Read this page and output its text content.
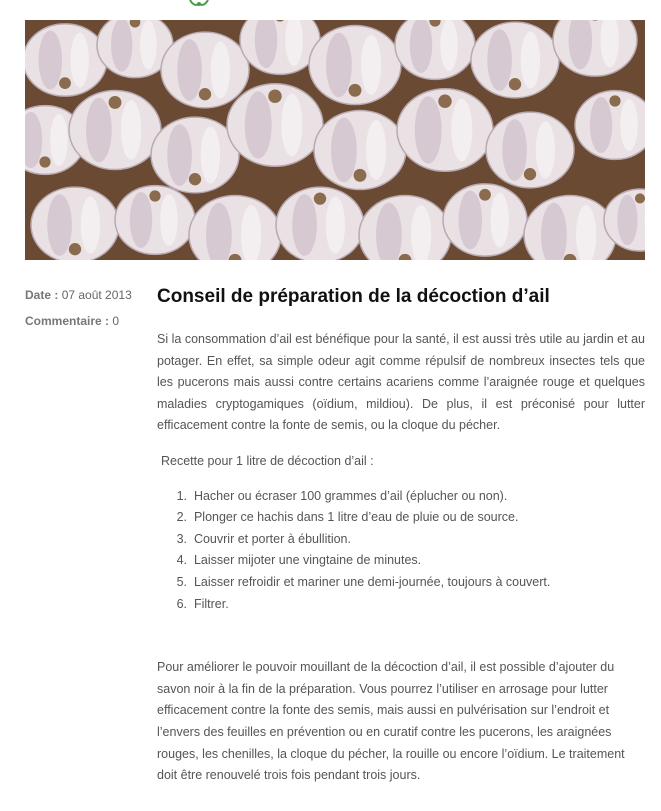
Date : 07 août 2013
Commentaire : 0
Conseil de préparation de la décoction d’ail

Si la consommation d’ail est bénéfique pour la santé, il est aussi très utile au jardin et au potager. En effet, sa simple odeur agit comme répulsif de nombreux insectes tels que les pucerons mais aussi contre certains acariens comme l’araignée rouge et quelques maladies cryptogamiques (oïdium, mildiou). De plus, il est préconisé pour lutter efficacement contre la fonte de semis, ou la cloque du pécher.

Recette pour 1 litre de décoction d’ail :
1.
Hacher ou écraser 100 grammes d’ail (éplucher ou non).
2.
Plonger ce hachis dans 1 litre d’eau de pluie ou de source.
3.
Couvrir et porter à ébullition.
4.
Laisser mijoter une vingtaine de minutes.
5.
Laisser refroidir et mariner une demi-journée, toujours à couvert.
6.
Filtrer.

Pour améliorer le pouvoir mouillant de la décoction d’ail, il est possible d’ajouter du savon noir à la fin de la préparation. Vous pourrez l’utiliser en arrosage pour lutter efficacement contre la fonte des semis, mais aussi en pulvérisation sur l’endroit et l’envers des feuilles en prévention ou en curatif contre les pucerons, les araignées rouges, les chenilles, la cloque du pécher, la rouille ou encore l’oïdium. Le traitement doit être renouvelé trois fois pendant trois jours.
